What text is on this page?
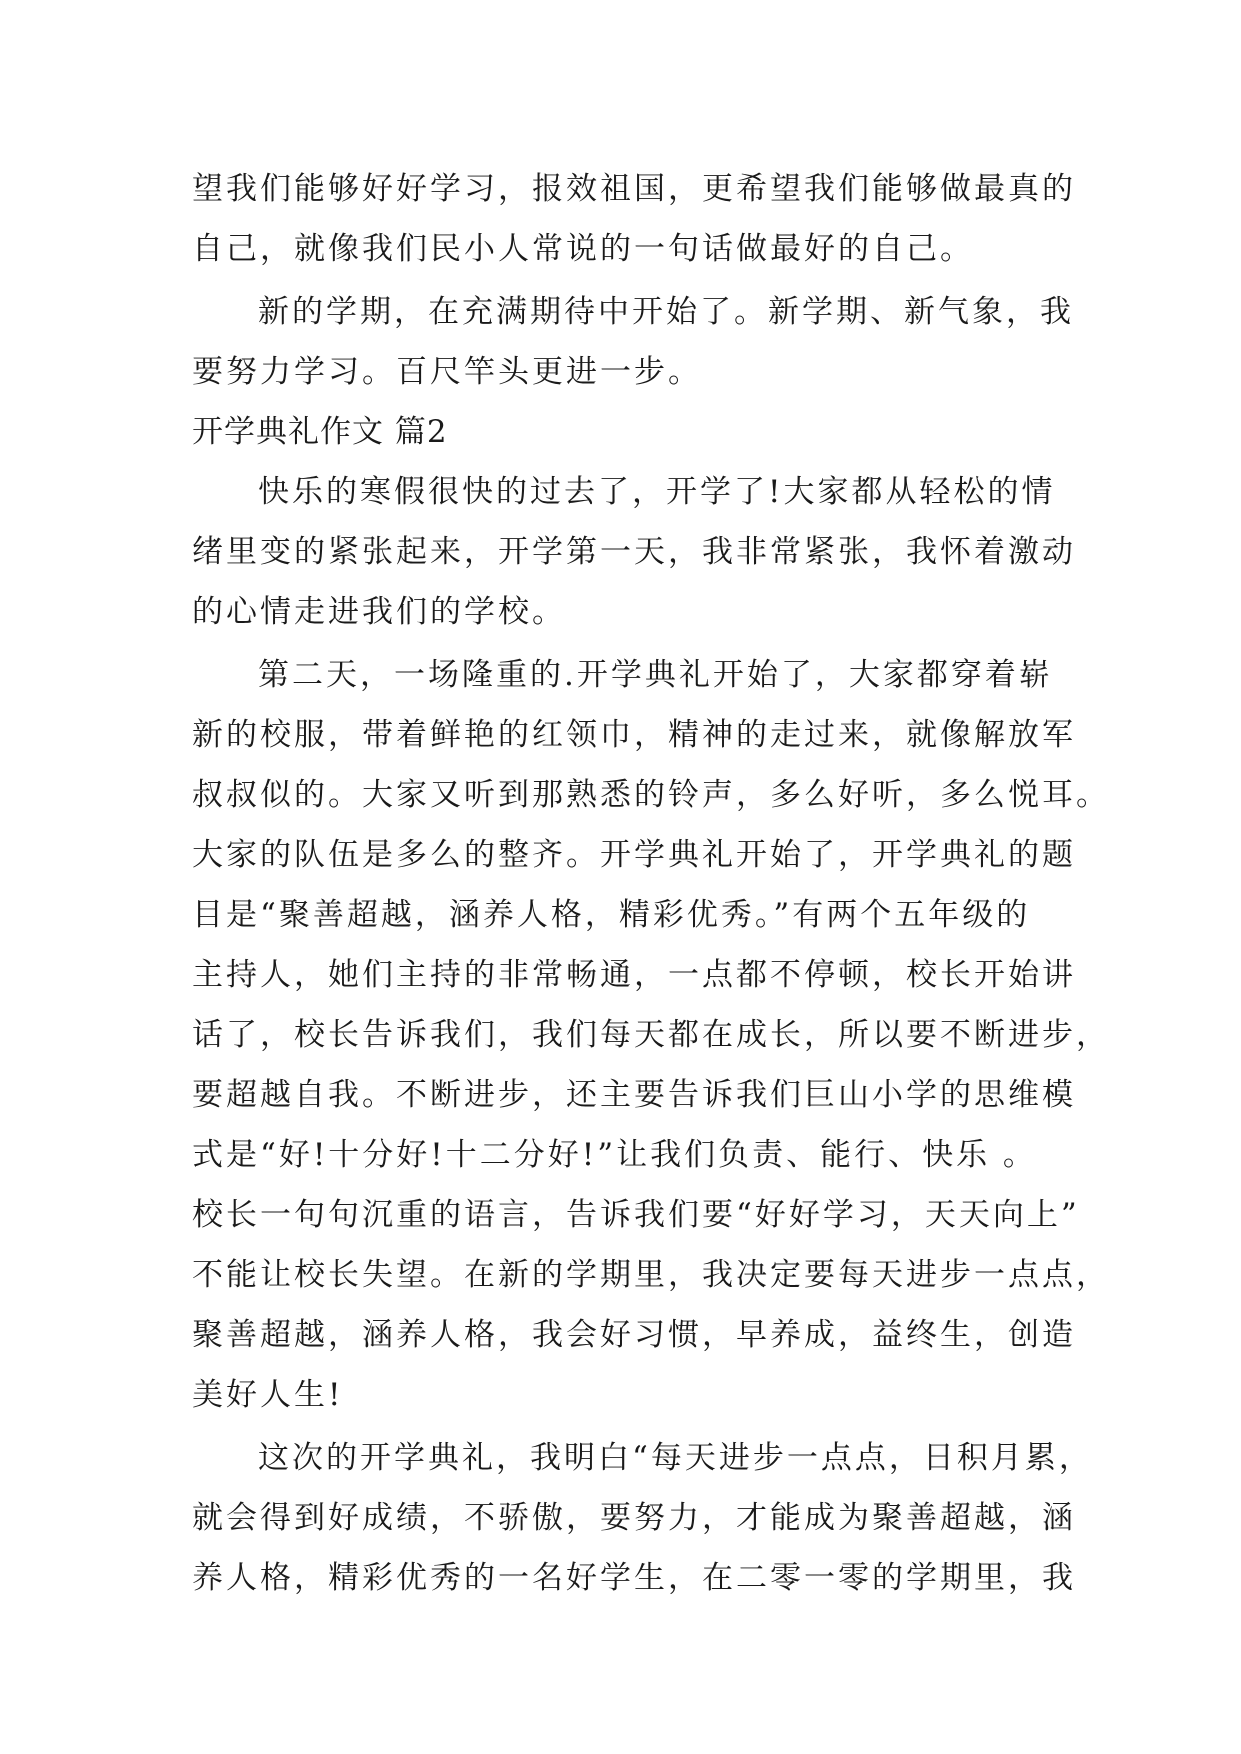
望我们能够好好学习，报效祖国，更希望我们能够做最真的
自己，就像我们民小人常说的一句话做最好的自己。
新的学期，在充满期待中开始了。新学期、新气象，我
要努力学习。百尺竿头更进一步。
开学典礼作文 篇2
快乐的寒假很快的过去了，开学了!大家都从轻松的情
绪里变的紧张起来，开学第一天，我非常紧张，我怀着激动
的心情走进我们的学校。
第二天，一场隆重的.开学典礼开始了，大家都穿着崭
新的校服，带着鲜艳的红领巾，精神的走过来，就像解放军
叔叔似的。大家又听到那熟悉的铃声，多么好听，多么悦耳。
大家的队伍是多么的整齐。开学典礼开始了，开学典礼的题
目是“聚善超越，涵养人格，精彩优秀。”有两个五年级的
主持人，她们主持的非常畅通，一点都不停顿，校长开始讲
话了，校长告诉我们，我们每天都在成长，所以要不断进步，
要超越自我。不断进步，还主要告诉我们巨山小学的思维模
式是“好!十分好!十二分好!”让我们负责、能行、快乐 。
校长一句句沉重的语言，告诉我们要“好好学习，天天向上”
不能让校长失望。在新的学期里，我决定要每天进步一点点，
聚善超越，涵养人格，我会好习惯，早养成，益终生，创造
美好人生!
这次的开学典礼，我明白“每天进步一点点，日积月累，
就会得到好成绩，不骄傲，要努力，才能成为聚善超越，涵
养人格，精彩优秀的一名好学生，在二零一零的学期里，我
